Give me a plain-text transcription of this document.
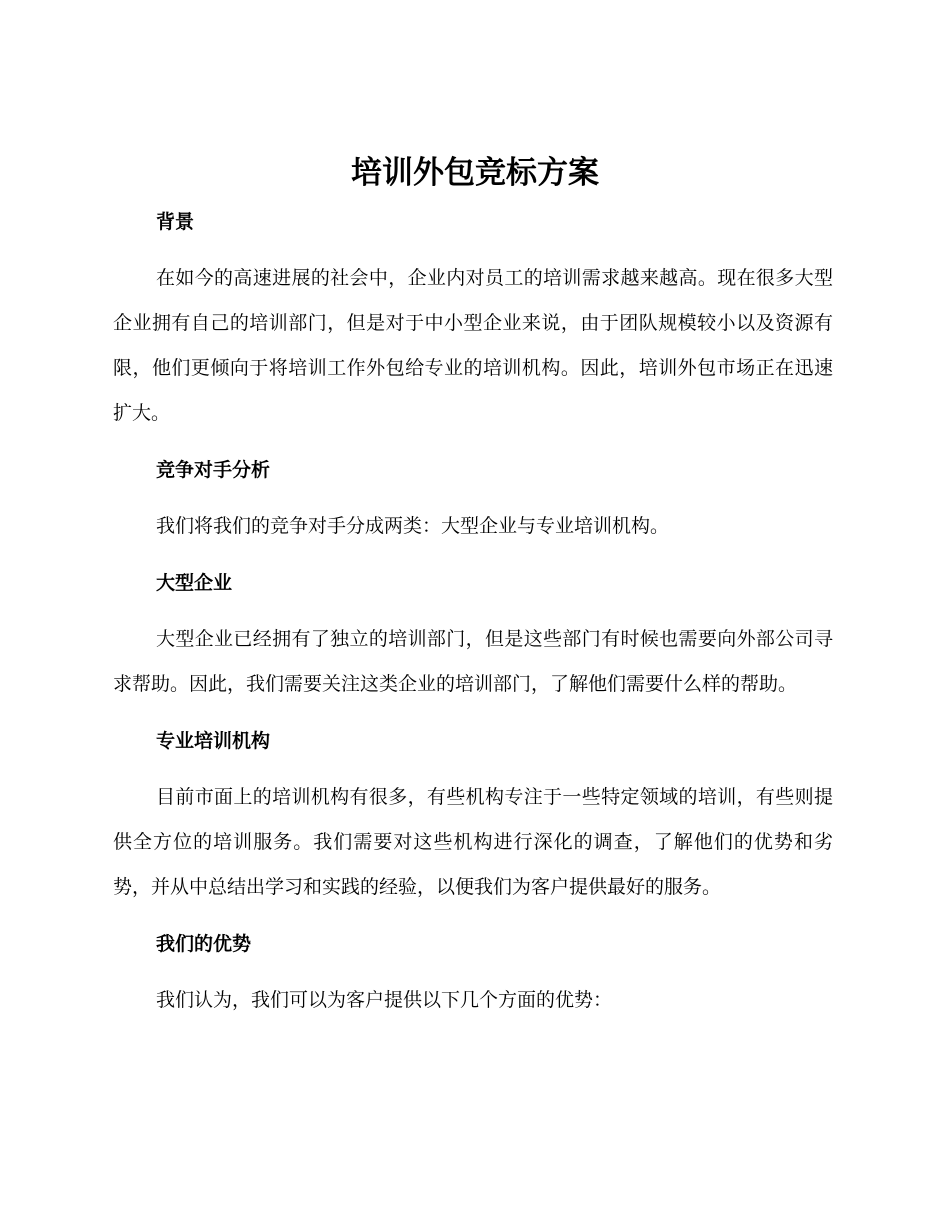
培训外包竞标方案
背景

在如今的高速进展的社会中，企业内对员工的培训需求越来越高。现在很多大型企业拥有自己的培训部门，但是对于中小型企业来说，由于团队规模较小以及资源有限，他们更倾向于将培训工作外包给专业的培训机构。因此，培训外包市场正在迅速扩大。

竞争对手分析

我们将我们的竞争对手分成两类：大型企业与专业培训机构。

大型企业

大型企业已经拥有了独立的培训部门，但是这些部门有时候也需要向外部公司寻求帮助。因此，我们需要关注这类企业的培训部门，了解他们需要什么样的帮助。

专业培训机构

目前市面上的培训机构有很多，有些机构专注于一些特定领域的培训，有些则提供全方位的培训服务。我们需要对这些机构进行深化的调查，了解他们的优势和劣势，并从中总结出学习和实践的经验，以便我们为客户提供最好的服务。

我们的优势

我们认为，我们可以为客户提供以下几个方面的优势：
